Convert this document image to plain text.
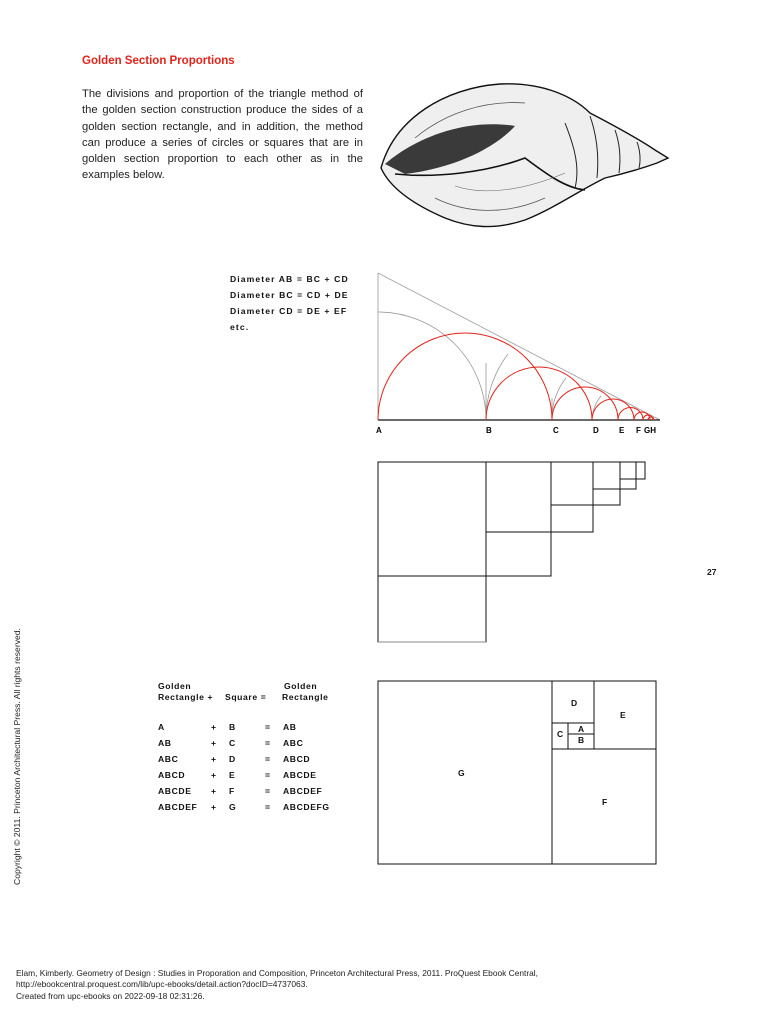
Golden Section Proportions
The divisions and proportion of the triangle method of the golden section construction produce the sides of a golden section rectangle, and in addition, the method can produce a series of circles or squares that are in golden section proportion to each other as in the examples below.
Diameter AB = BC + CD
Diameter BC = CD + DE
Diameter CD = DE + EF
etc.
A	B	C	D	E F GH
27
Copyright © 2011. Princeton Architectural Press. All rights reserved.	Golden	Golden
Rectangle + Square = Rectangle
A	+ B	= AB
AB	+ C	= ABC
ABC	+ D	= ABCD
ABCD	+ E	= ABCDE
ABCDE + F	= ABCDEF
ABCDEF + G	= ABCDEFG
G
F
E
D
C A
B
Elam, Kimberly. Geometry of Design : Studies in Proporation and Composition, Princeton Architectural Press, 2011. ProQuest Ebook Central,
http://ebookcentral.proquest.com/lib/upc-ebooks/detail.action?docID=4737063.
Created from upc-ebooks on 2022-09-18 02:31:26.
